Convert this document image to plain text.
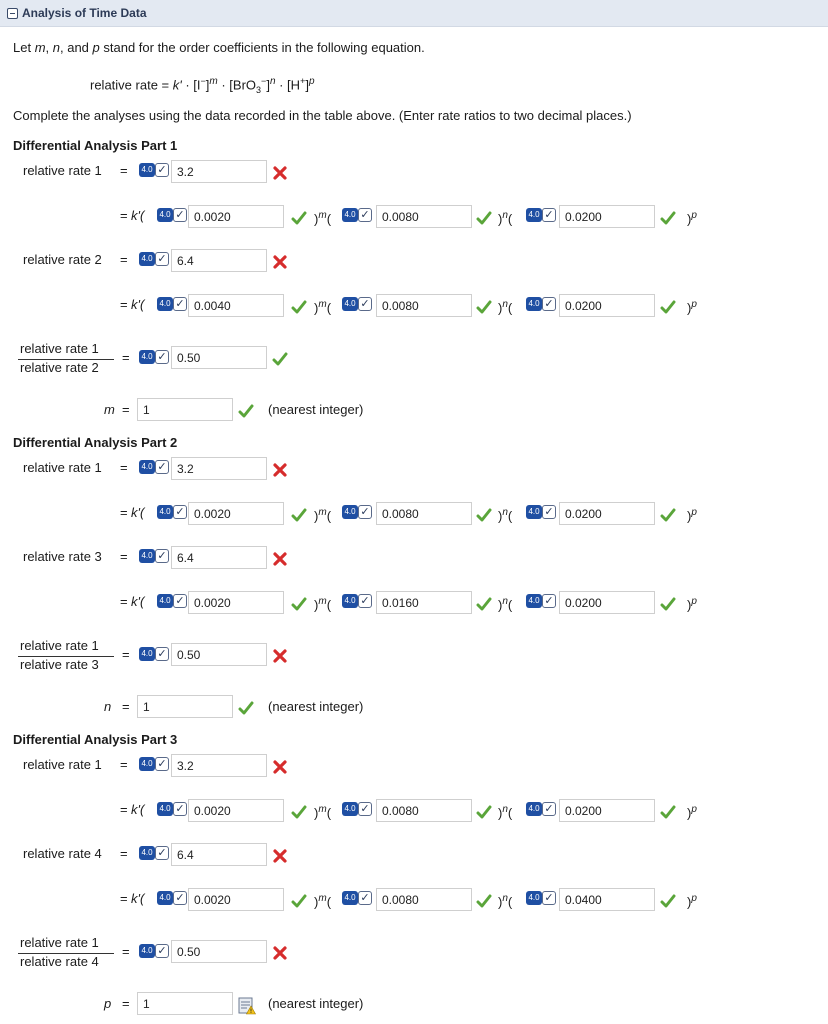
Analysis of Time Data
Let m, n, and p stand for the order coefficients in the following equation.
relative rate = $k' \cdot [I^-]^m \cdot [BrO_3^-]^n \cdot [H^+]^p$
Complete the analyses using the data recorded in the table above. (Enter rate ratios to two decimal places.)
Differential Analysis Part 1
relative rate 1 =	4.0 ✓ 3.2
= k'(	4.0 ✓ 0.0020	)$^m$(	4.0 ✓	0.0080	)$^n$(	4.0 ✓ 0.0200	)$^p$
relative rate 2 =	4.0 ✓ 6.4
= k'(	4.0 ✓ 0.0040	)$^m$(	4.0 ✓	0.0080	)$^n$(	4.0 ✓ 0.0200	)$^p$
relative rate 1
relative rate 2
=	4.0 ✓ 0.50
m =	1	(nearest integer)
Differential Analysis Part 2
relative rate 1 =	4.0 ✓ 3.2
= k'(	4.0 ✓ 0.0020	)$^m$(	4.0 ✓	0.0080	)$^n$(	4.0 ✓ 0.0200	)$^p$
relative rate 3 =	4.0 ✓ 6.4
= k'(	4.0 ✓ 0.0020	)$^m$(	4.0 ✓	0.0160	)$^n$(	4.0 ✓ 0.0200	)$^p$
relative rate 1
relative rate 3
=	4.0 ✓ 0.50
n =	1	(nearest integer)
Differential Analysis Part 3
relative rate 1 =	4.0 ✓ 3.2
= k'(	4.0 ✓ 0.0020	)$^m$(	4.0 ✓	0.0080	)$^n$(	4.0 ✓ 0.0200	)$^p$
relative rate 4 =	4.0 ✓ 6.4
= k'(	4.0 ✓ 0.0020	)$^m$(	4.0 ✓	0.0080	)$^n$(	4.0 ✓ 0.0400	)$^p$
relative rate 1
relative rate 4
=	4.0 ✓ 0.50
p =	1	(nearest integer)
